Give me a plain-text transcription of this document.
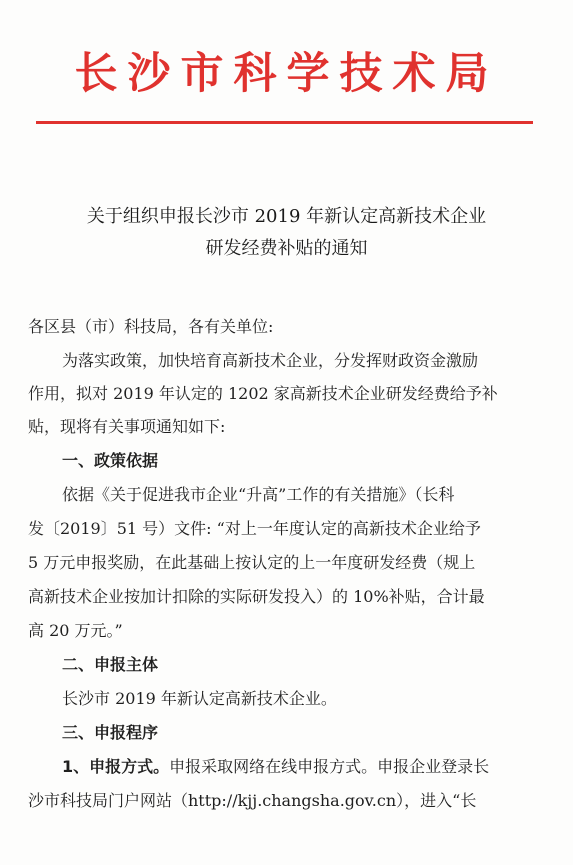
长沙市科学技术局
关于组织申报长沙市 2019 年新认定高新技术企业
研发经费补贴的通知
各区县（市）科技局，各有关单位:
为落实政策，加快培育高新技术企业，分发挥财政资金激励
作用，拟对 2019 年认定的 1202 家高新技术企业研发经费给予补
贴，现将有关事项通知如下:
一、政策依据
依据《关于促进我市企业“升高”工作的有关措施》（长科
发〔2019〕51 号）文件: “对上一年度认定的高新技术企业给予
5 万元申报奖励，在此基础上按认定的上一年度研发经费（规上
高新技术企业按加计扣除的实际研发投入）的 10%补贴，合计最
高 20 万元。”
二、申报主体
长沙市 2019 年新认定高新技术企业。
三、申报程序
1、申报方式。申报采取网络在线申报方式。申报企业登录长
沙市科技局门户网站（http://kjj.changsha.gov.cn），进入“长
